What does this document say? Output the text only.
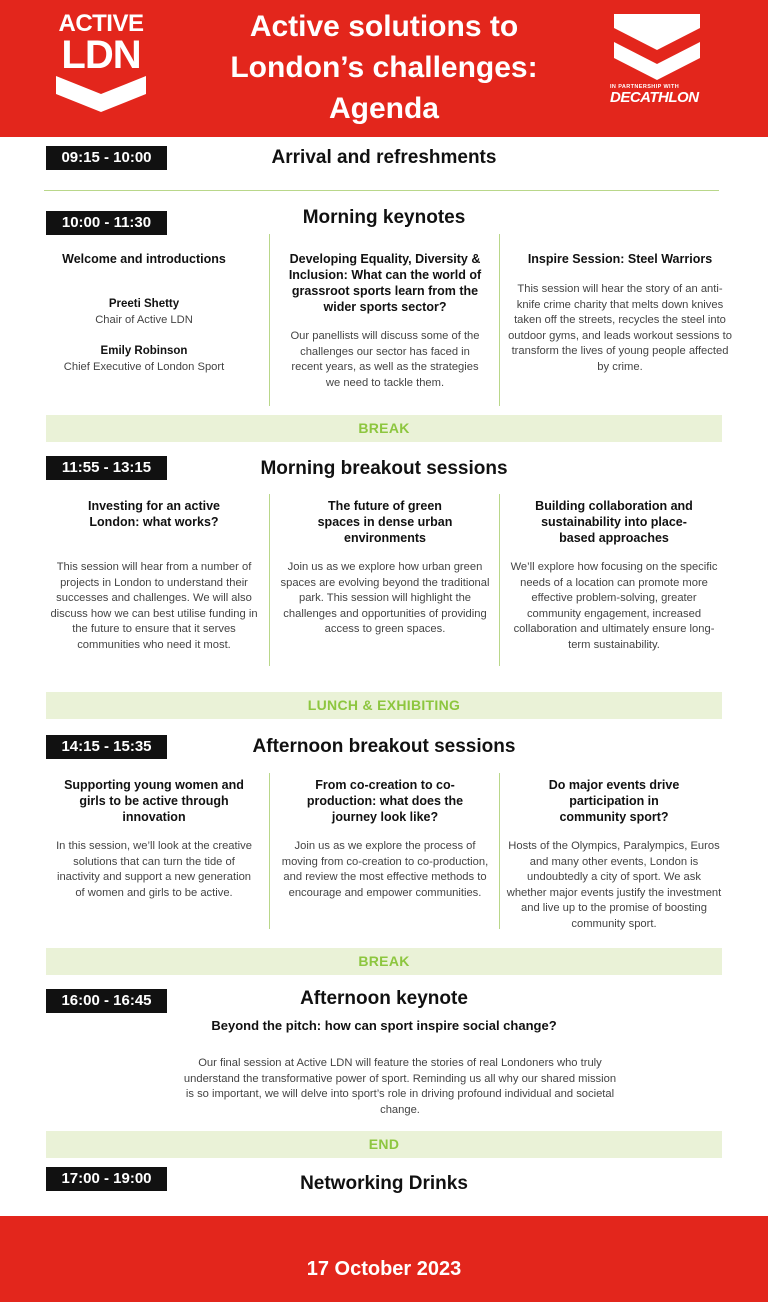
ACTIVE
LDN
Active solutions to
London’s challenges:
Agenda
IN PARTNERSHIP WITH
DECATHLON
09:15 - 10:00	Arrival and refreshments
10:00 - 11:30	Morning keynotes
Welcome and introductions

Preeti Shetty

Chair of Active LDN

Emily Robinson

Chief Executive of London Sport

Developing Equality, Diversity & Inclusion: What can the world of grassroot sports learn from the wider sports sector?

Our panellists will discuss some of the challenges our sector has faced in recent years, as well as the strategies we need to tackle them.

Inspire Session: Steel Warriors

This session will hear the story of an anti-knife crime charity that melts down knives taken off the streets, recycles the steel into outdoor gyms, and leads workout sessions to transform the lives of young people affected by crime.

BREAK
11:55 - 13:15	Morning breakout sessions
Investing for an active London: what works?

This session will hear from a number of projects in London to understand their successes and challenges. We will also discuss how we can best utilise funding in the future to ensure that it serves communities who need it most.

The future of green spaces in dense urban environments

Join us as we explore how urban green spaces are evolving beyond the traditional park. This session will highlight the challenges and opportunities of providing access to green spaces.

Building collaboration and sustainability into place-based approaches

We’ll explore how focusing on the specific needs of a location can promote more effective problem-solving, greater community engagement, increased collaboration and ultimately ensure long-term sustainability.

LUNCH & EXHIBITING
14:15 - 15:35	Afternoon breakout sessions
Supporting young women and girls to be active through innovation

In this session, we’ll look at the creative solutions that can turn the tide of inactivity and support a new generation of women and girls to be active.

From co-creation to co-production: what does the journey look like?

Join us as we explore the process of moving from co-creation to co-production, and review the most effective methods to encourage and empower communities.

Do major events drive participation in community sport?

Hosts of the Olympics, Paralympics, Euros and many other events, London is undoubtedly a city of sport. We ask whether major events justify the investment and live up to the promise of boosting community sport.

BREAK
16:00 - 16:45	Afternoon keynote
Beyond the pitch: how can sport inspire social change?
Our final session at Active LDN will feature the stories of real Londoners who truly understand the transformative power of sport. Reminding us all why our shared mission is so important, we will delve into sport’s role in driving profound individual and societal change.
END
17:00 - 19:00	Networking Drinks
17 October 2023
